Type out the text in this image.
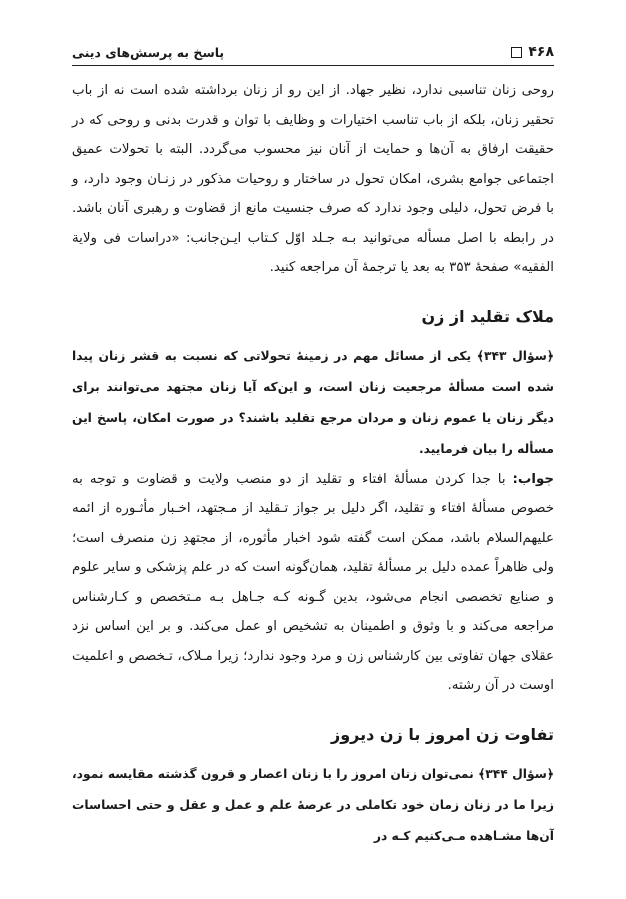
۴۶۸
پاسخ به پرسش‌های دینی

روحی زنان تناسبی ندارد، نظیر جهاد. از این رو از زنان برداشته شده است نه از باب تحقیر زنان، بلکه از باب تناسب اختیارات و وظایف با توان و قدرت بدنی و روحی که در حقیقت ارفاق به آن‌ها و حمایت از آنان نیز محسوب می‌گردد. البته با تحولات عمیق اجتماعی جوامع بشری، امکان تحول در ساختار و روحیات مذکور در زنـان وجود دارد، و با فرض تحول، دلیلی وجود ندارد که صرف جنسیت مانع از قضاوت و رهبری آنان باشد. در رابطه با اصل مسأله می‌توانید بـه جـلد اوّل کـتاب ایـن‌جانب: «دراسات فی ولایة الفقیه» صفحهٔ ۳۵۳ به بعد یا ترجمهٔ آن مراجعه کنید.

ملاک تقلید از زن

﴿سؤال ۳۴۳﴾ یکی از مسائل مهم در زمینهٔ تحولاتی که نسبت به قشر زنان پیدا شده است مسألهٔ مرجعیت زنان است، و این‌که آیا زنان مجتهد می‌توانند برای دیگر زنان یا عموم زنان و مردان مرجع تقلید باشند؟ در صورت امکان، پاسخ این مسأله را بیان فرمایید.

جواب: با جدا کردن مسألهٔ افتاء و تقلید از دو منصب ولایت و قضاوت و توجه به خصوص مسألهٔ افتاء و تقلید، اگر دلیل بر جواز تـقلید از مـجتهد، اخـبار مأثـوره از ائمه علیهم‌السلام باشد، ممکن است گفته شود اخبار مأثوره، از مجتهدِ زن منصرف است؛ ولی ظاهراً عمده دلیل بر مسألهٔ تقلید، همان‌گونه است که در علم پزشکی و سایر علوم و صنایع تخصصی انجام می‌شود، بدین گـونه کـه جـاهل بـه مـتخصص و کـارشناس مراجعه می‌کند و با وثوق و اطمینان به تشخیص او عمل می‌کند. و بر این اساس نزد عقلای جهان تفاوتی بین کارشناس زن و مرد وجود ندارد؛ زیرا مـلاک، تـخصص و اعلمیت اوست در آن رشته.

تفاوت زن امروز با زن دیروز

﴿سؤال ۳۴۴﴾ نمی‌توان زنان امروز را با زنان اعصار و قرون گذشته مقایسه نمود، زیرا ما در زنان زمان خود تکاملی در عرصهٔ علم و عمل و عقل و حتی احساسات آن‌ها مشـاهده مـی‌کنیم کـه در
